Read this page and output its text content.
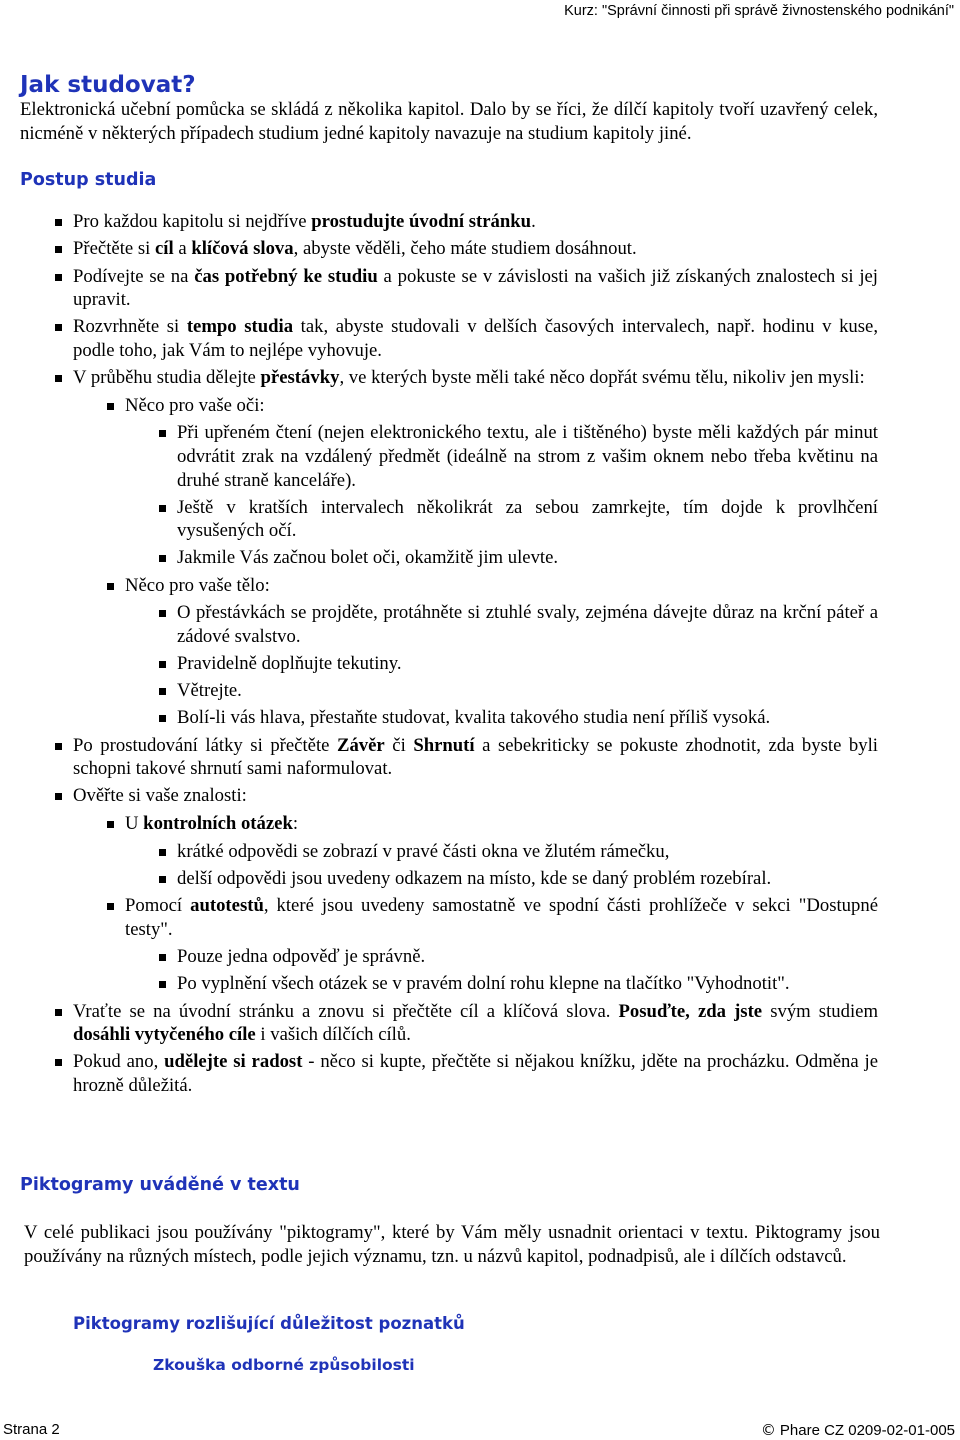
Kurz: "Správní činnosti při správě živnostenského podnikání"
Jak studovat?

Elektronická učební pomůcka se skládá z několika kapitol. Dalo by se říci, že dílčí kapitoly tvoří uzavřený celek, nicméně v některých případech studium jedné kapitoly navazuje na studium kapitoly jiné.

Postup studia
Pro každou kapitolu si nejdříve prostudujte úvodní stránku.
Přečtěte si cíl a klíčová slova, abyste věděli, čeho máte studiem dosáhnout.
Podívejte se na čas potřebný ke studiu a pokuste se v závislosti na vašich již získaných znalostech si jej upravit.
Rozvrhněte si tempo studia tak, abyste studovali v delších časových intervalech, např. hodinu v kuse, podle toho, jak Vám to nejlépe vyhovuje.
V průběhu studia dělejte přestávky, ve kterých byste měli také něco dopřát svému tělu, nikoliv jen mysli:
Něco pro vaše oči:
Při upřeném čtení (nejen elektronického textu, ale i tištěného) byste měli každých pár minut odvrátit zrak na vzdálený předmět (ideálně na strom z vašim oknem nebo třeba květinu na druhé straně kanceláře).
Ještě v kratších intervalech několikrát za sebou zamrkejte, tím dojde k provlhčení vysušených očí.
Jakmile Vás začnou bolet oči, okamžitě jim ulevte.
Něco pro vaše tělo:
O přestávkách se projděte, protáhněte si ztuhlé svaly, zejména dávejte důraz na krční páteř a zádové svalstvo.
Pravidelně doplňujte tekutiny.
Větrejte.
Bolí-li vás hlava, přestaňte studovat, kvalita takového studia není příliš vysoká.
Po prostudování látky si přečtěte Závěr či Shrnutí a sebekriticky se pokuste zhodnotit, zda byste byli schopni takové shrnutí sami naformulovat.
Ověřte si vaše znalosti:
U kontrolních otázek:
krátké odpovědi se zobrazí v pravé části okna ve žlutém rámečku,
delší odpovědi jsou uvedeny odkazem na místo, kde se daný problém rozebíral.
Pomocí autotestů, které jsou uvedeny samostatně ve spodní části prohlížeče v sekci "Dostupné testy".
Pouze jedna odpověď je správně.
Po vyplnění všech otázek se v pravém dolní rohu klepne na tlačítko "Vyhodnotit".
Vraťte se na úvodní stránku a znovu si přečtěte cíl a klíčová slova. Posuďte, zda jste svým studiem dosáhli vytyčeného cíle i vašich dílčích cílů.
Pokud ano, udělejte si radost - něco si kupte, přečtěte si nějakou knížku, jděte na procházku. Odměna je hrozně důležitá.
Piktogramy uváděné v textu

V celé publikaci jsou používány "piktogramy", které by Vám měly usnadnit orientaci v textu. Piktogramy jsou používány na různých místech, podle jejich významu, tzn. u názvů kapitol, podnadpisů, ale i dílčích odstavců.

Piktogramy rozlišující důležitost poznatků
Zkouška odborné způsobilosti
Strana 2	© Phare CZ 0209-02-01-005
